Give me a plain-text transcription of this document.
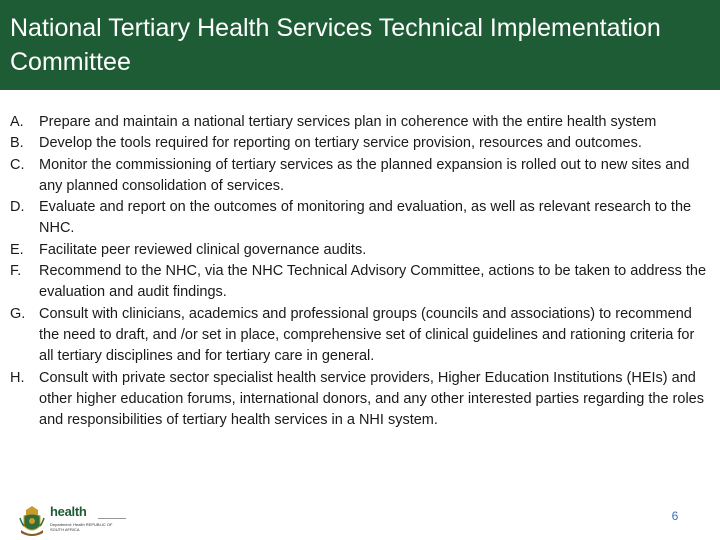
National Tertiary Health Services Technical Implementation Committee
A.	Prepare and maintain a national tertiary services plan in coherence with the entire health system
B.	Develop the tools required for reporting on tertiary service provision, resources and outcomes.
C.	Monitor the commissioning of tertiary services as the planned expansion is rolled out to new sites and any planned consolidation of services.
D.	Evaluate and report on the outcomes of monitoring and evaluation, as well as relevant research to the NHC.
E.	Facilitate peer reviewed clinical governance audits.
F.	Recommend to the NHC, via the NHC Technical Advisory Committee, actions to be taken to address the evaluation and audit findings.
G. Consult with clinicians, academics and professional groups (councils and associations) to recommend the need to draft, and /or set in place, comprehensive set of clinical guidelines and rationing criteria for all tertiary disciplines and for tertiary care in general.
H.	Consult with private sector specialist health service providers, Higher Education Institutions (HEIs) and other higher education forums, international donors, and any other interested parties regarding the roles and responsibilities of tertiary health services in a NHI system.
health
Department: Health REPUBLIC OF SOUTH AFRICA
6
